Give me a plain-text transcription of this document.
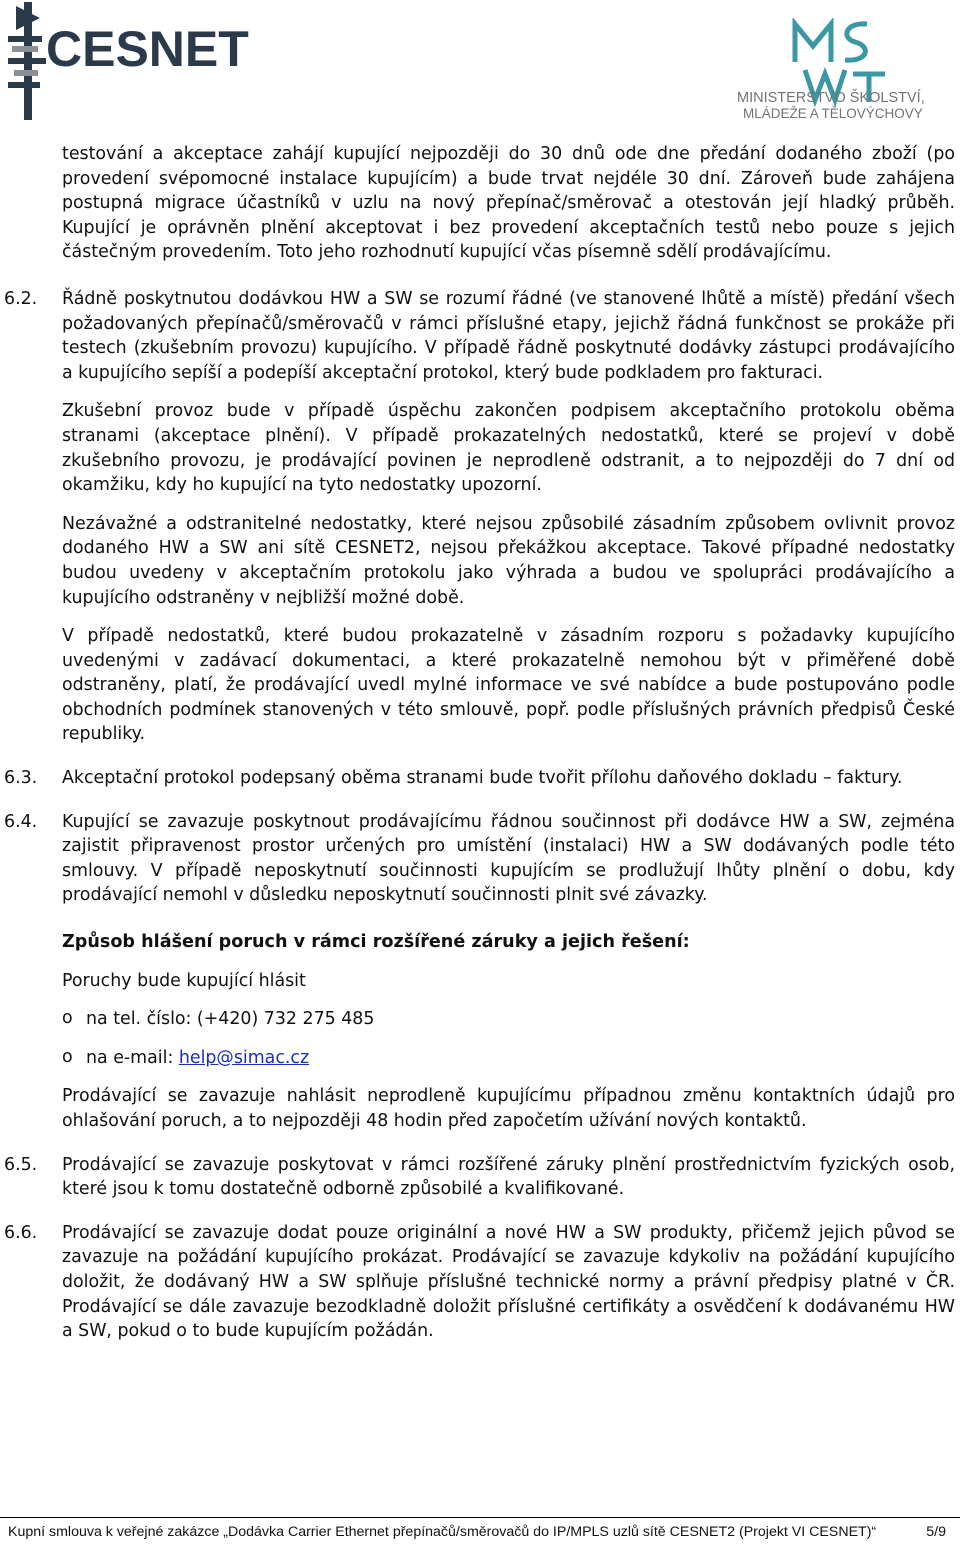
CESNET
MINISTERSTVO ŠKOLSTVÍ,
MLÁDEŽE A TĚLOVÝCHOVY

testování a akceptace zahájí kupující nejpozději do 30 dnů ode dne předání dodaného zboží (po provedení svépomocné instalace kupujícím) a bude trvat nejdéle 30 dní. Zároveň bude zahájena postupná migrace účastníků v uzlu na nový přepínač/směrovač a otestován její hladký průběh. Kupující je oprávněn plnění akceptovat i bez provedení akceptačních testů nebo pouze s jejich částečným provedením. Toto jeho rozhodnutí kupující včas písemně sdělí prodávajícímu.

6.2. Řádně poskytnutou dodávkou HW a SW se rozumí řádné (ve stanovené lhůtě a místě) předání všech požadovaných přepínačů/směrovačů v rámci příslušné etapy, jejichž řádná funkčnost se prokáže při testech (zkušebním provozu) kupujícího. V případě řádně poskytnuté dodávky zástupci prodávajícího a kupujícího sepíší a podepíší akceptační protokol, který bude podkladem pro fakturaci.

Zkušební provoz bude v případě úspěchu zakončen podpisem akceptačního protokolu oběma stranami (akceptace plnění). V případě prokazatelných nedostatků, které se projeví v době zkušebního provozu, je prodávající povinen je neprodleně odstranit, a to nejpozději do 7 dní od okamžiku, kdy ho kupující na tyto nedostatky upozorní.

Nezávažné a odstranitelné nedostatky, které nejsou způsobilé zásadním způsobem ovlivnit provoz dodaného HW a SW ani sítě CESNET2, nejsou překážkou akceptace. Takové případné nedostatky budou uvedeny v akceptačním protokolu jako výhrada a budou ve spolupráci prodávajícího a kupujícího odstraněny v nejbližší možné době.

V případě nedostatků, které budou prokazatelně v zásadním rozporu s požadavky kupujícího uvedenými v zadávací dokumentaci, a které prokazatelně nemohou být v přiměřené době odstraněny, platí, že prodávající uvedl mylné informace ve své nabídce a bude postupováno podle obchodních podmínek stanovených v této smlouvě, popř. podle příslušných právních předpisů České republiky.

6.3. Akceptační protokol podepsaný oběma stranami bude tvořit přílohu daňového dokladu – faktury.
6.4. Kupující se zavazuje poskytnout prodávajícímu řádnou součinnost při dodávce HW a SW, zejména zajistit připravenost prostor určených pro umístění (instalaci) HW a SW dodávaných podle této smlouvy. V případě neposkytnutí součinnosti kupujícím se prodlužují lhůty plnění o dobu, kdy prodávající nemohl v důsledku neposkytnutí součinnosti plnit své závazky.

Způsob hlášení poruch v rámci rozšířené záruky a jejich řešení:

Poruchy bude kupující hlásit

o na tel. číslo: (+420) 732 275 485
o na e-mail: help@simac.cz

Prodávající se zavazuje nahlásit neprodleně kupujícímu případnou změnu kontaktních údajů pro ohlašování poruch, a to nejpozději 48 hodin před započetím užívání nových kontaktů.

6.5. Prodávající se zavazuje poskytovat v rámci rozšířené záruky plnění prostřednictvím fyzických osob, které jsou k tomu dostatečně odborně způsobilé a kvalifikované.
6.6. Prodávající se zavazuje dodat pouze originální a nové HW a SW produkty, přičemž jejich původ se zavazuje na požádání kupujícího prokázat. Prodávající se zavazuje kdykoliv na požádání kupujícího doložit, že dodávaný HW a SW splňuje příslušné technické normy a právní předpisy platné v ČR. Prodávající se dále zavazuje bezodkladně doložit příslušné certifikáty a osvědčení k dodávanému HW a SW, pokud o to bude kupujícím požádán.
Kupní smlouva k veřejné zakázce „Dodávka Carrier Ethernet přepínačů/směrovačů do IP/MPLS uzlů sítě CESNET2 (Projekt VI CESNET)“	5/9
